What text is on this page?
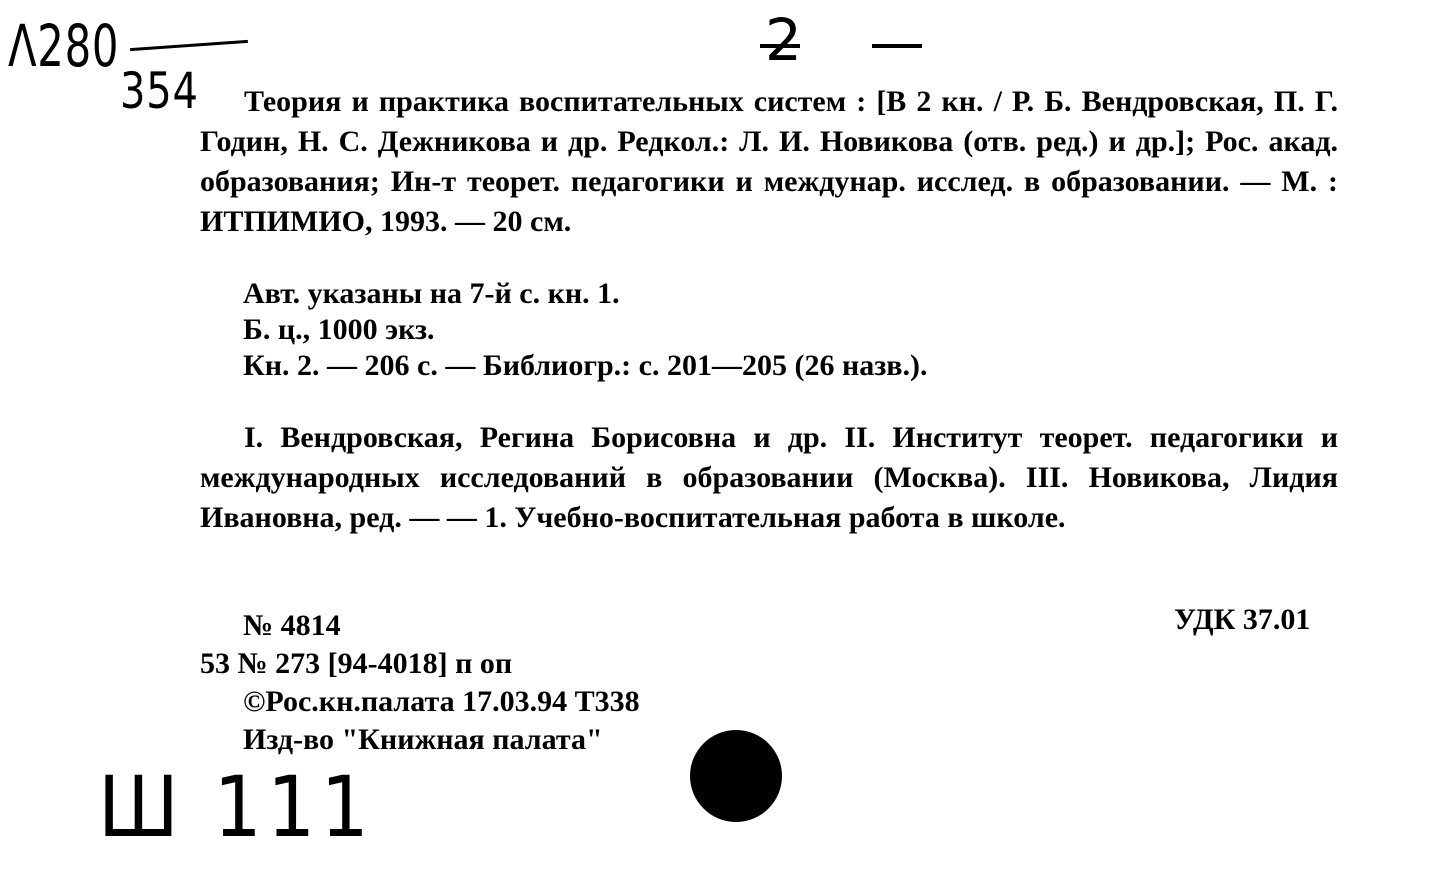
Λ280
354
2
Теория и практика воспитательных систем : [В 2 кн. / Р. Б. Вендровская, П. Г. Годин, Н. С. Дежникова и др. Редкол.: Л. И. Новикова (отв. ред.) и др.]; Рос. акад. образования; Ин-т теорет. педагогики и междунар. исслед. в образовании. — М. : ИТПИМИО, 1993. — 20 см.
Авт. указаны на 7-й с. кн. 1.
Б. ц., 1000 экз.
Кн. 2. — 206 с. — Библиогр.: с. 201—205 (26 назв.).
I. Вендровская, Регина Борисовна и др. II. Институт теорет. педагогики и международных исследований в образовании (Москва). III. Новикова, Лидия Ивановна, ред. — — 1. Учебно-воспитательная работа в школе.
№ 4814	УДК 37.01
53 № 273 [94-4018] п оп
©Рос.кн.палата 17.03.94 Т338
Изд-во "Книжная палата"
Ш 111
